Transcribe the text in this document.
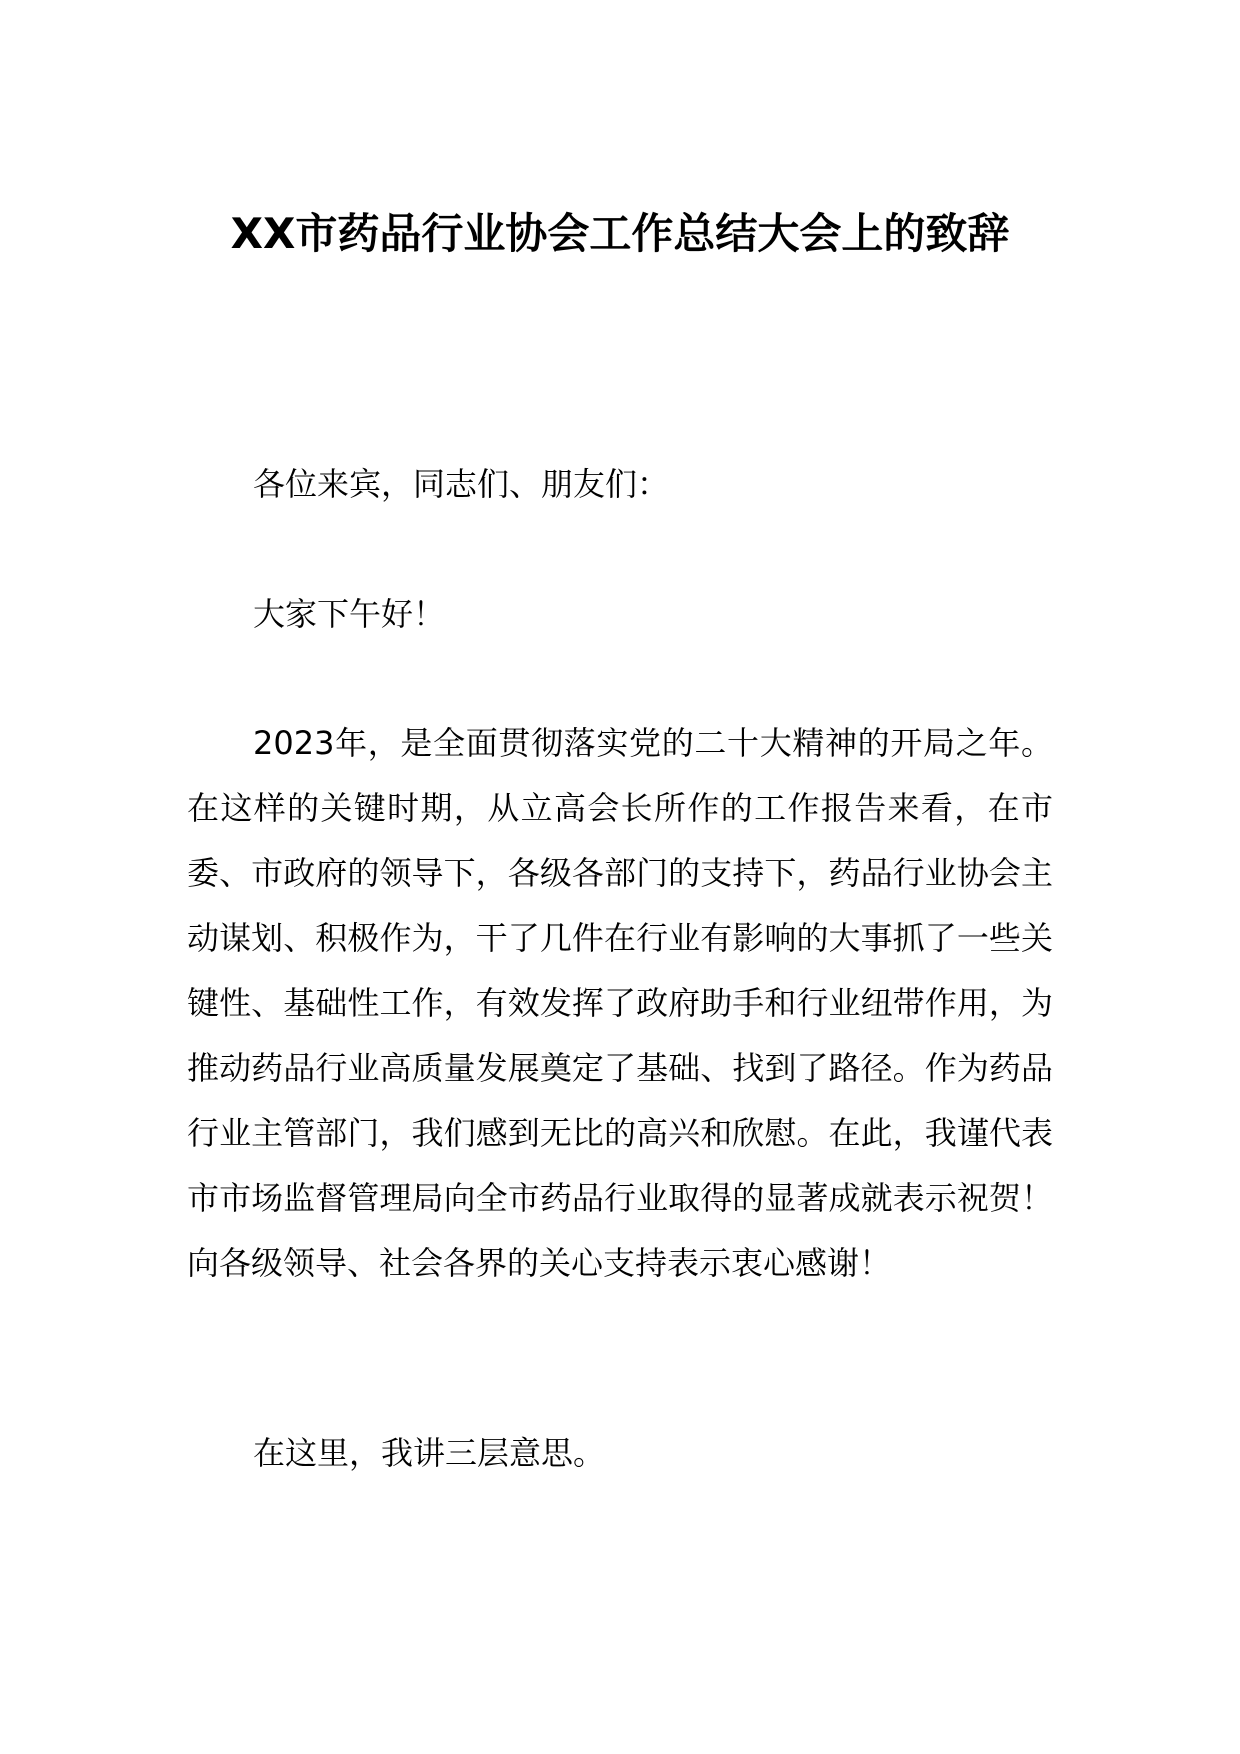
XX市药品行业协会工作总结大会上的致辞

各位来宾，同志们、朋友们：

大家下午好！

2023年，是全面贯彻落实党的二十大精神的开局之年。在这样的关键时期，从立高会长所作的工作报告来看，在市委、市政府的领导下，各级各部门的支持下，药品行业协会主动谋划、积极作为，干了几件在行业有影响的大事抓了一些关键性、基础性工作，有效发挥了政府助手和行业纽带作用，为推动药品行业高质量发展奠定了基础、找到了路径。作为药品行业主管部门，我们感到无比的高兴和欣慰。在此，我谨代表市市场监督管理局向全市药品行业取得的显著成就表示祝贺！向各级领导、社会各界的关心支持表示衷心感谢！

在这里，我讲三层意思。
